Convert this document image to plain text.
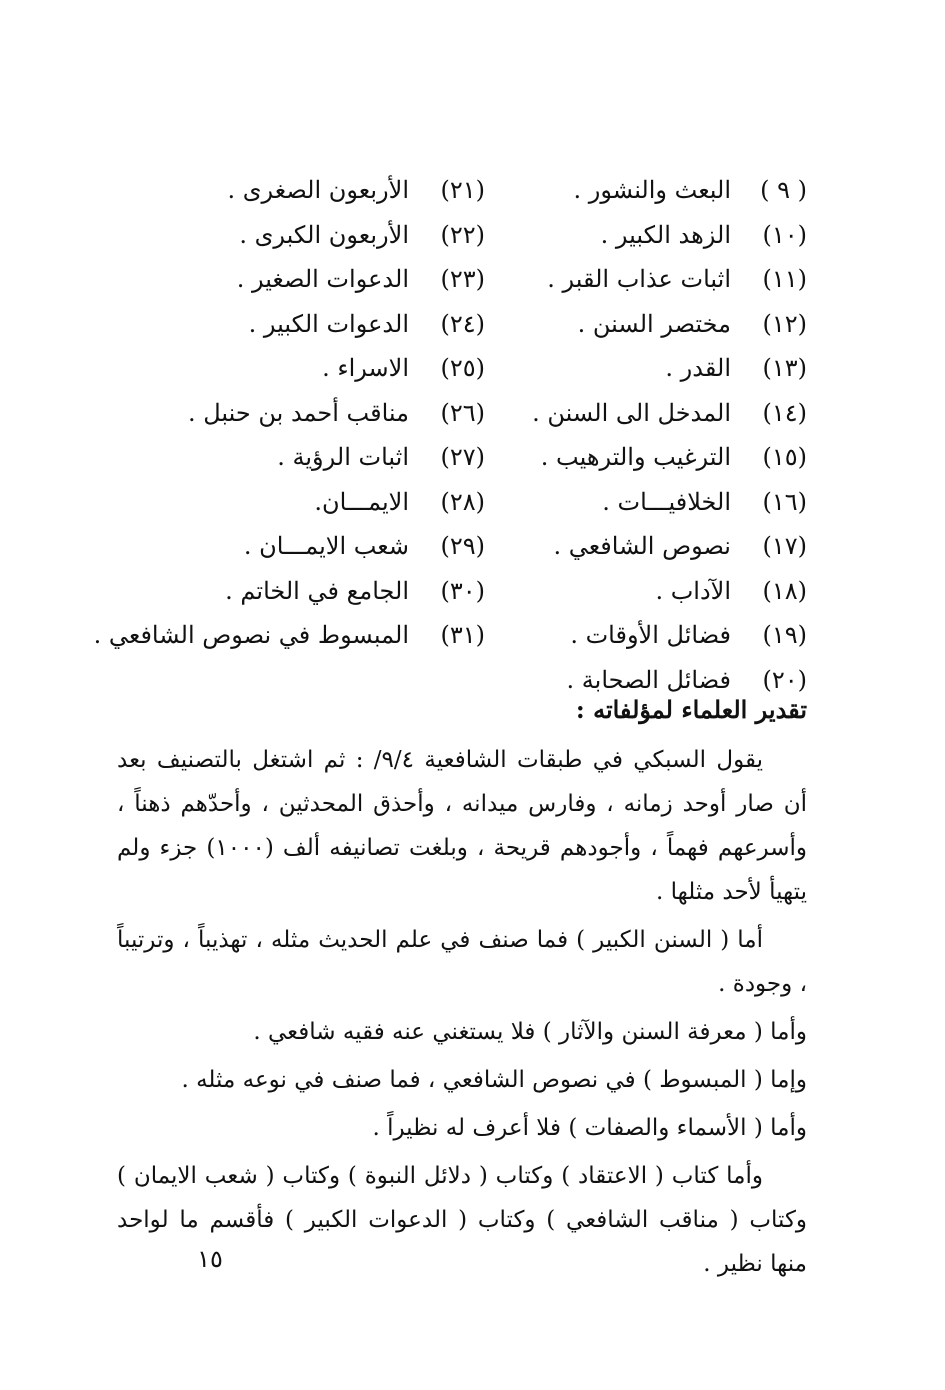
( ٩ )
البعث والنشور .
(١٠)
الزهد الكبير .
(١١)
اثبات عذاب القبر .
(١٢)
مختصر السنن .
(١٣)
القدر .
(١٤)
المدخل الى السنن .
(١٥)
الترغيب والترهيب .
(١٦)
الخلافيـــات .
(١٧)
نصوص الشافعي .
(١٨)
الآداب .
(١٩)
فضائل الأوقات .
(٢٠)
فضائل الصحابة .
(٢١)
الأربعون الصغرى .
(٢٢)
الأربعون الكبرى .
(٢٣)
الدعوات الصغير .
(٢٤)
الدعوات الكبير .
(٢٥)
الاسراء .
(٢٦)
مناقب أحمد بن حنبل .
(٢٧)
اثبات الرؤية .
(٢٨)
الايمـــان.
(٢٩)
شعب الايمـــان .
(٣٠)
الجامع في الخاتم .
(٣١)
المبسوط في نصوص الشافعي .
تقدير العلماء لمؤلفاته :

يقول السبكي في طبقات الشافعية ٩/٤/ : ثم اشتغل بالتصنيف بعد أن صار أوحد زمانه ، وفارس ميدانه ، وأحذق المحدثين ، وأحدّهم ذهناً ، وأسرعهم فهماً ، وأجودهم قريحة ، وبلغت تصانيفه ألف (١٠٠٠) جزء ولم يتهيأ لأحد مثلها .

أما ( السنن الكبير ) فما صنف في علم الحديث مثله ، تهذيباً ، وترتيباً ، وجودة .

وأما ( معرفة السنن والآثار ) فلا يستغني عنه فقيه شافعي .

وإما ( المبسوط ) في نصوص الشافعي ، فما صنف في نوعه مثله .

وأما ( الأسماء والصفات ) فلا أعرف له نظيراً .

وأما كتاب ( الاعتقاد ) وكتاب ( دلائل النبوة ) وكتاب ( شعب الايمان ) وكتاب ( مناقب الشافعي ) وكتاب ( الدعوات الكبير ) فأقسم ما لواحد منها نظير .

١٥
